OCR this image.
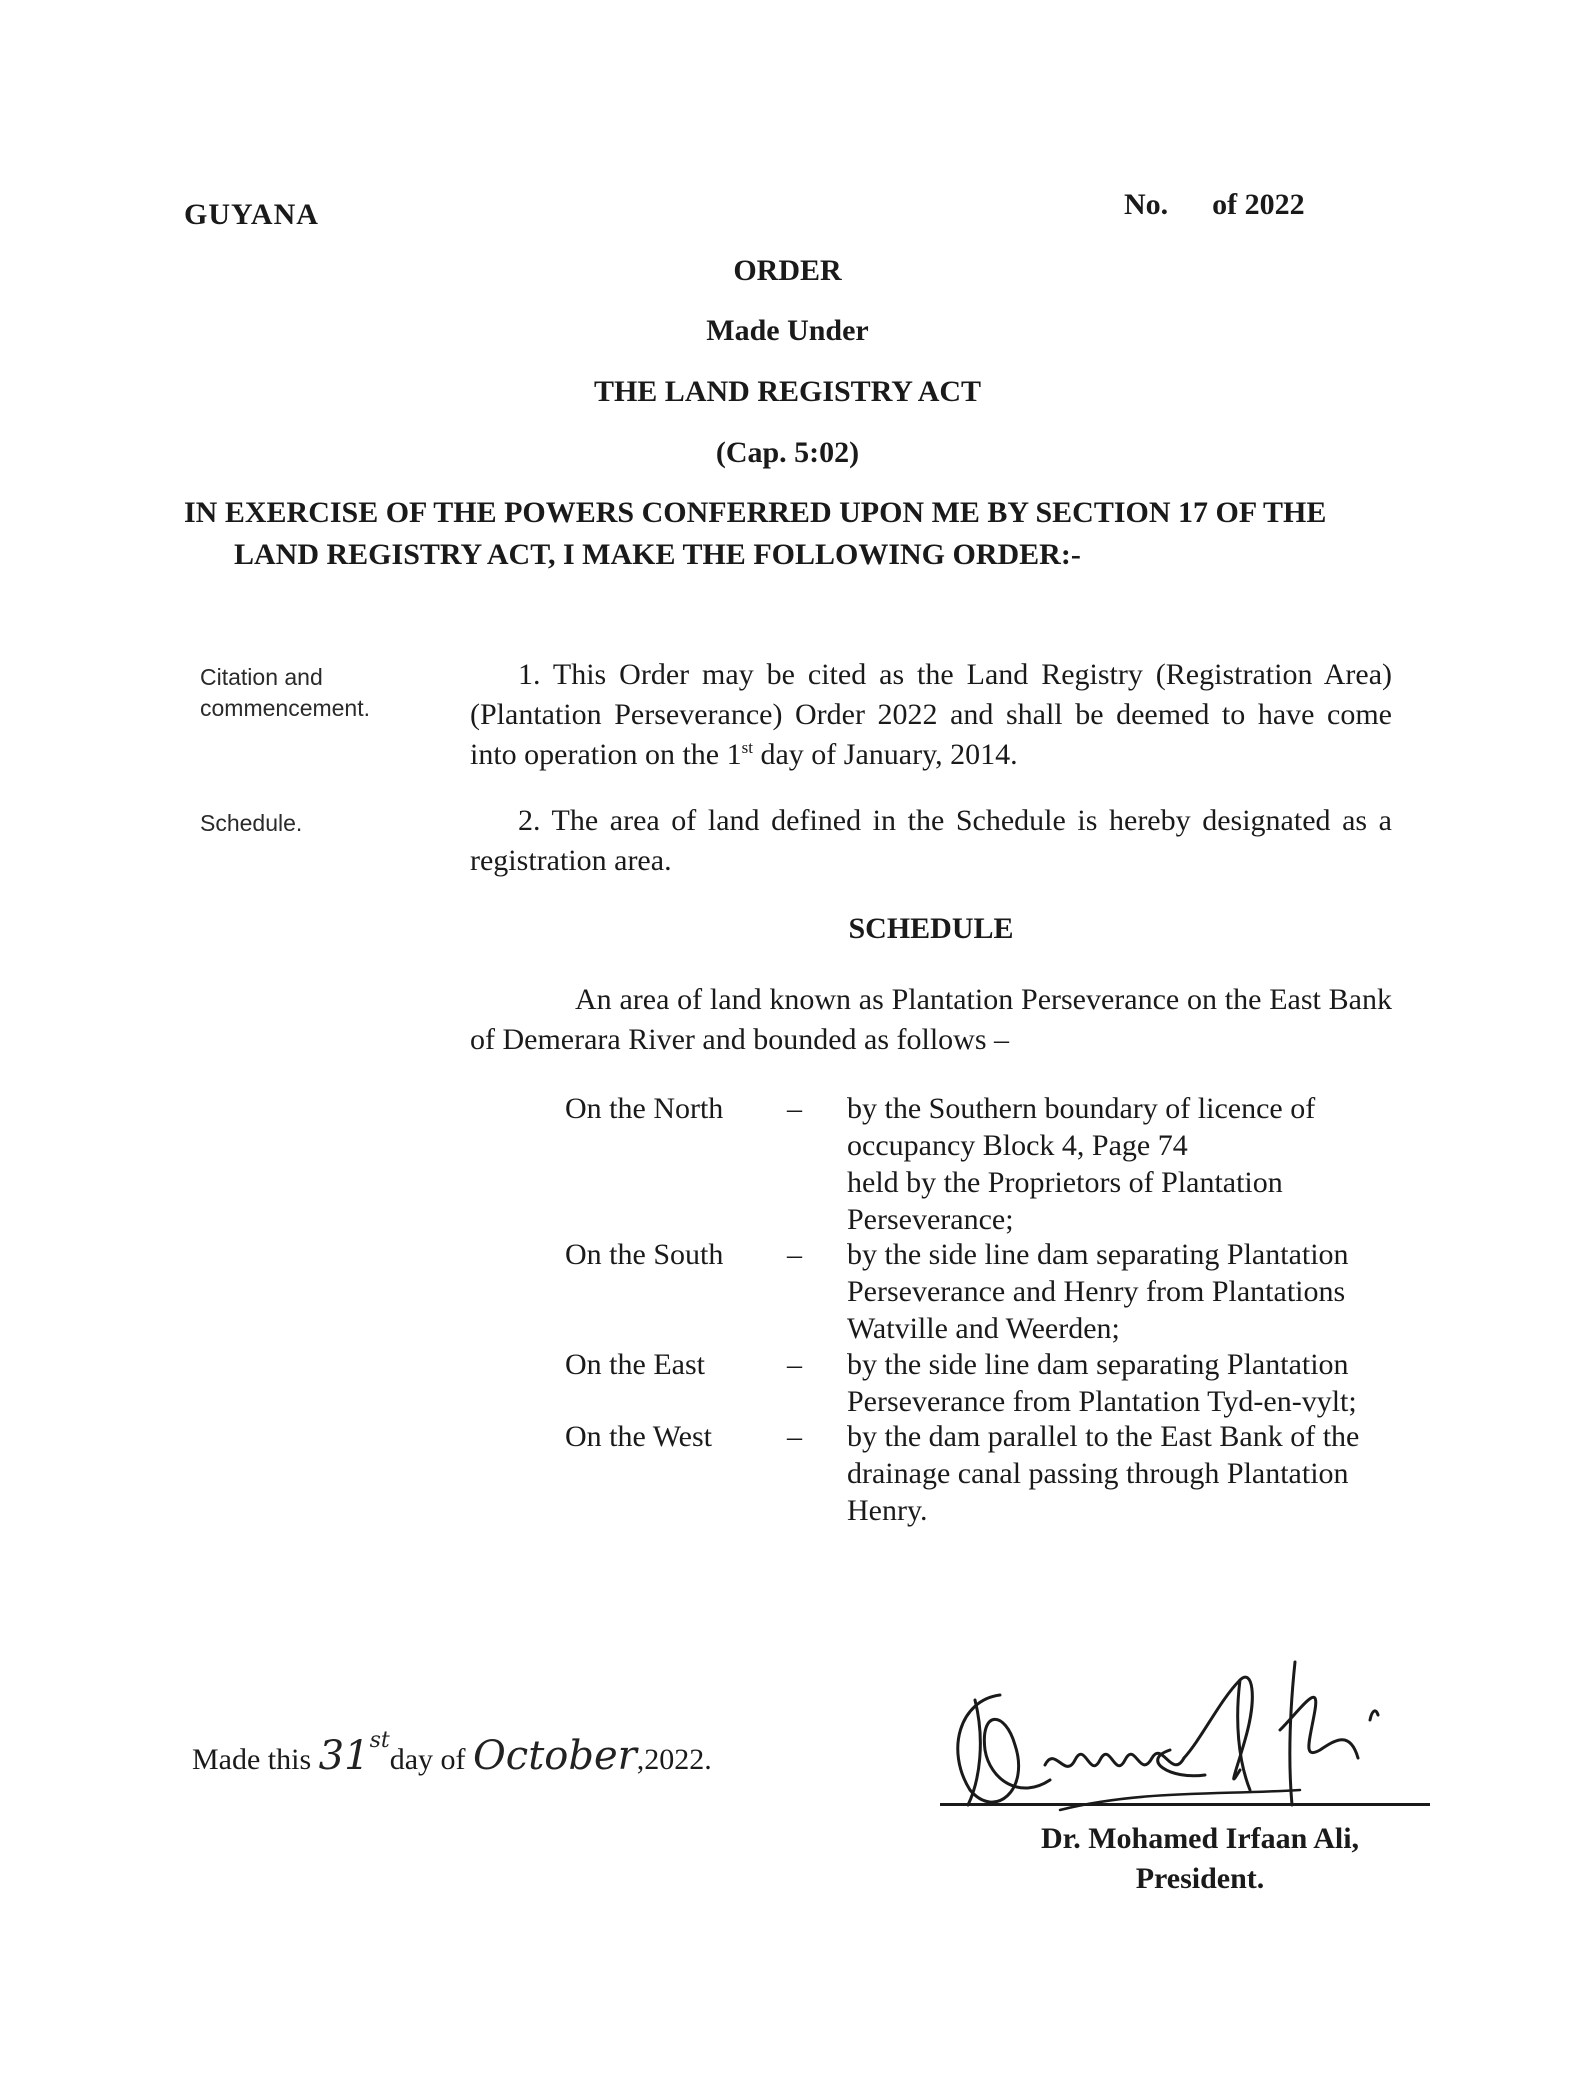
GUYANA	No. of 2022
ORDER
Made Under
THE LAND REGISTRY ACT
(Cap. 5:02)
IN EXERCISE OF THE POWERS CONFERRED UPON ME BY SECTION 17 OF THE
LAND REGISTRY ACT, I MAKE THE FOLLOWING ORDER:-
Citation and
commencement.
1. This Order may be cited as the Land Registry (Registration Area) (Plantation Perseverance) Order 2022 and shall be deemed to have come into operation on the 1st day of January, 2014.
Schedule.	2. The area of land defined in the Schedule is hereby designated as a registration area.
SCHEDULE
An area of land known as Plantation Perseverance on the East Bank of Demerara River and bounded as follows –
On the North	– by the Southern boundary of licence of
occupancy Block 4, Page 74
held by the Proprietors of Plantation
Perseverance;
On the South	– by the side line dam separating Plantation
Perseverance and Henry from Plantations
Watville and Weerden;
On the East	– by the side line dam separating Plantation
Perseverance from Plantation Tyd-en-vylt;
On the West	– by the dam parallel to the East Bank of the
drainage canal passing through Plantation
Henry.
Made this 31stday of October,2022.
Dr. Mohamed Irfaan Ali,
President.
